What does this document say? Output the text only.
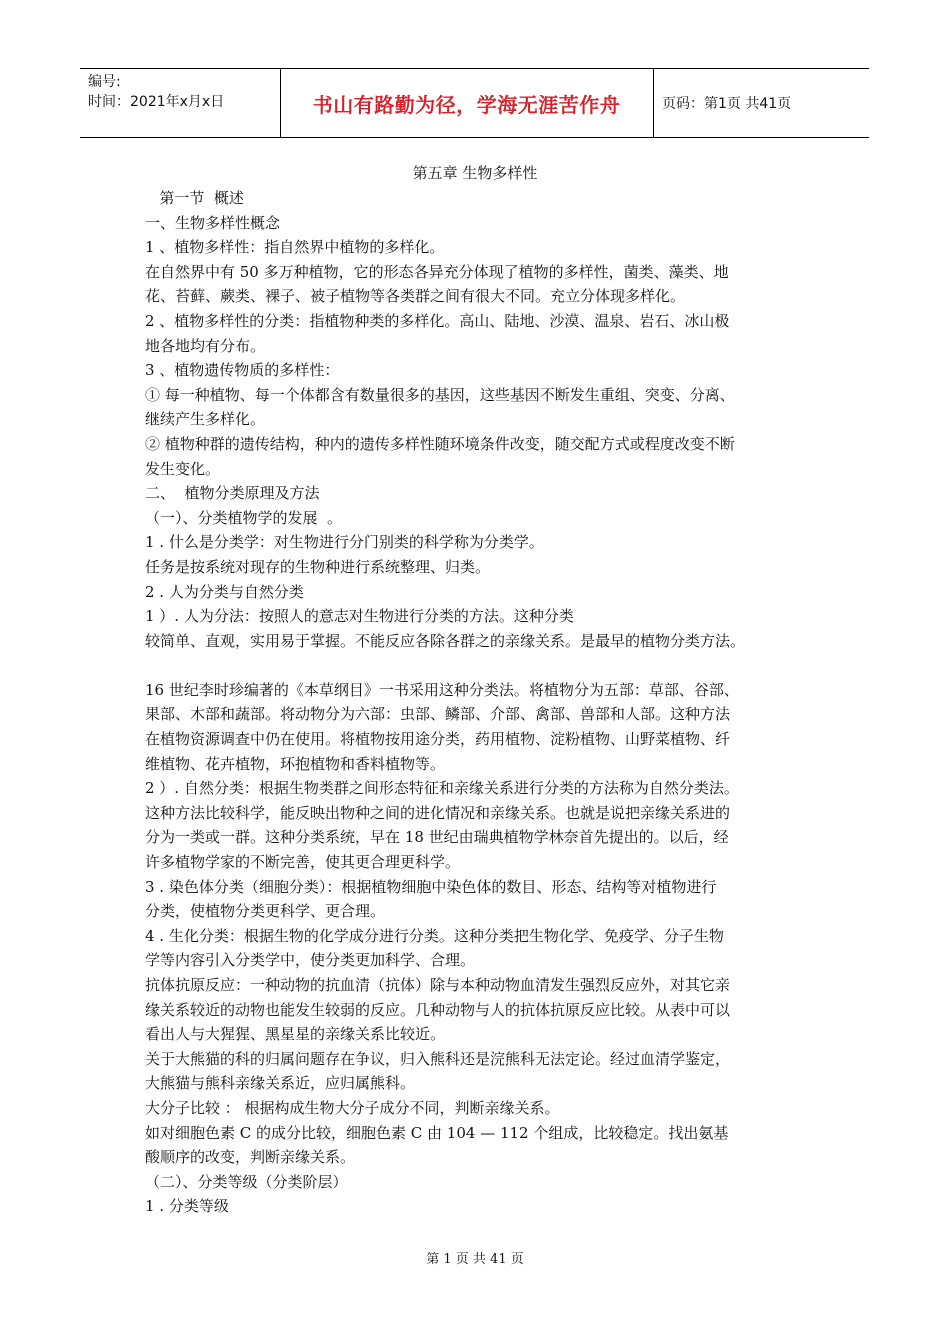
编号:
时间：2021年x月x日	书山有路勤为径，学海无涯苦作舟	页码：第1页 共41页
第五章 生物多样性

第一节  概述

一、生物多样性概念

1 、植物多样性：指自然界中植物的多样化。

在自然界中有 50 多万种植物，它的形态各异充分体现了植物的多样性，菌类、藻类、地

花、苔藓、蕨类、裸子、被子植物等各类群之间有很大不同。充立分体现多样化。

2 、植物多样性的分类：指植物种类的多样化。高山、陆地、沙漠、温泉、岩石、冰山极

地各地均有分布。

3 、植物遗传物质的多样性：

① 每一种植物、每一个体都含有数量很多的基因，这些基因不断发生重组、突变、分离、

继续产生多样化。

② 植物种群的遗传结构，种内的遗传多样性随环境条件改变，随交配方式或程度改变不断

发生变化。

二、  植物分类原理及方法

（一）、分类植物学的发展  。

1 . 什么是分类学：对生物进行分门别类的科学称为分类学。

任务是按系统对现存的生物种进行系统整理、归类。

2 . 人为分类与自然分类

1 ）. 人为分法：按照人的意志对生物进行分类的方法。这种分类

较简单、直观，实用易于掌握。不能反应各除各群之的亲缘关系。是最早的植物分类方法。

16 世纪李时珍编著的《本草纲目》一书采用这种分类法。将植物分为五部：草部、谷部、

果部、木部和蔬部。将动物分为六部：虫部、鳞部、介部、禽部、兽部和人部。这种方法

在植物资源调查中仍在使用。将植物按用途分类，药用植物、淀粉植物、山野菜植物、纤

维植物、花卉植物，环抱植物和香料植物等。

2 ）. 自然分类：根据生物类群之间形态特征和亲缘关系进行分类的方法称为自然分类法。

这种方法比较科学，能反映出物种之间的进化情况和亲缘关系。也就是说把亲缘关系进的

分为一类或一群。这种分类系统，早在 18 世纪由瑞典植物学林奈首先提出的。以后，经

许多植物学家的不断完善，使其更合理更科学。

3 . 染色体分类（细胞分类）：根据植物细胞中染色体的数目、形态、结构等对植物进行

分类，使植物分类更科学、更合理。

4 . 生化分类：根据生物的化学成分进行分类。这种分类把生物化学、免疫学、分子生物

学等内容引入分类学中，使分类更加科学、合理。

抗体抗原反应：一种动物的抗血清（抗体）除与本种动物血清发生强烈反应外，对其它亲

缘关系较近的动物也能发生较弱的反应。几种动物与人的抗体抗原反应比较。从表中可以

看出人与大猩猩、黑星星的亲缘关系比较近。

关于大熊猫的科的归属问题存在争议，归入熊科还是浣熊科无法定论。经过血清学鉴定，

大熊猫与熊科亲缘关系近，应归属熊科。

大分子比较 ： 根据构成生物大分子成分不同，判断亲缘关系。

如对细胞色素 C 的成分比较，细胞色素 C 由 104 — 112 个组成，比较稳定。找出氨基

酸顺序的改变，判断亲缘关系。

（二）、分类等级（分类阶层）

1 . 分类等级

第 1 页 共 41 页
